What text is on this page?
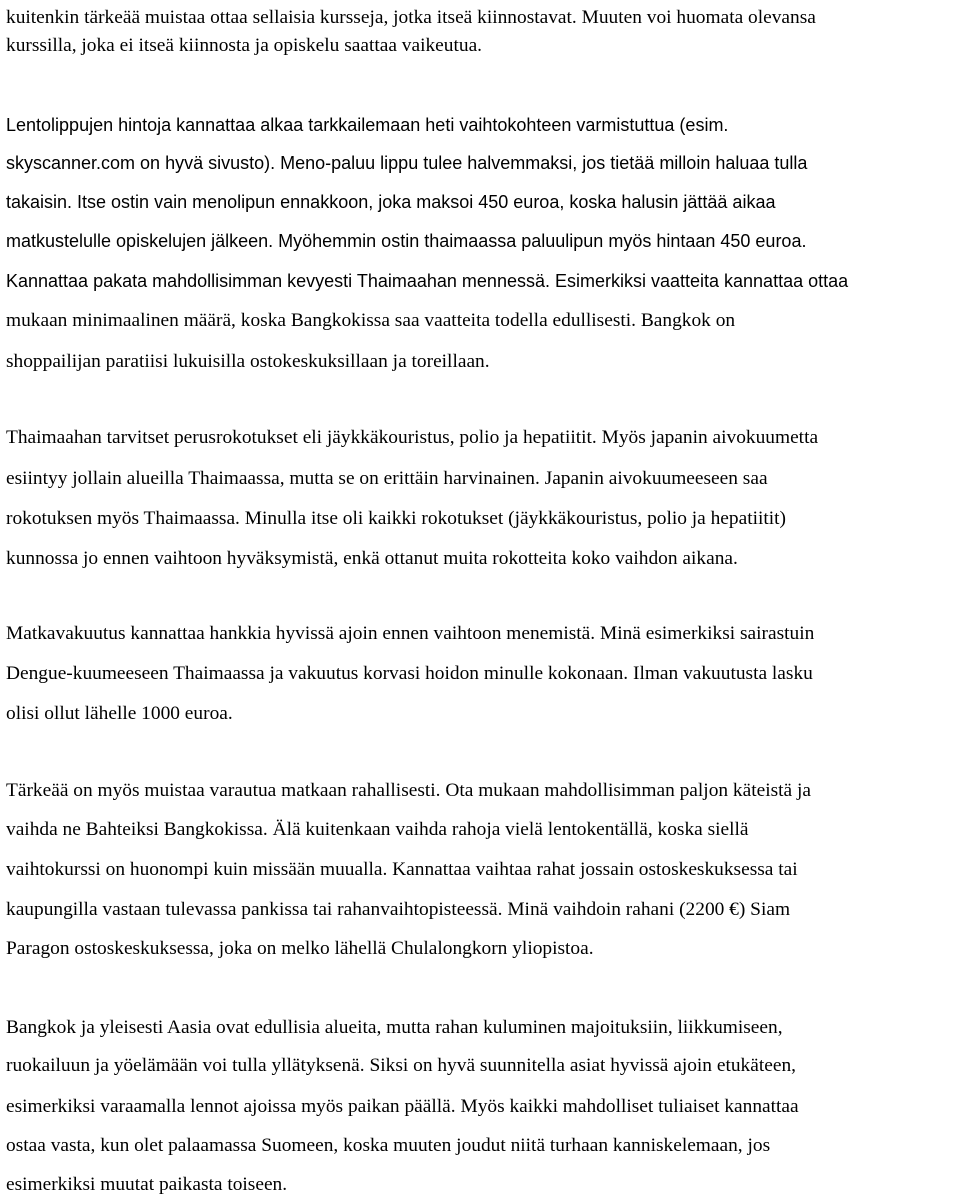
kuitenkin tärkeää muistaa ottaa sellaisia kursseja, jotka itseä kiinnostavat. Muuten voi huomata olevansa
kurssilla, joka ei itseä kiinnosta ja opiskelu saattaa vaikeutua.
Lentolippujen hintoja kannattaa alkaa tarkkailemaan heti vaihtokohteen varmistuttua (esim.
skyscanner.com on hyvä sivusto). Meno-paluu lippu tulee halvemmaksi, jos tietää milloin haluaa tulla
takaisin. Itse ostin vain menolipun ennakkoon, joka maksoi 450 euroa, koska halusin jättää aikaa
matkustelulle opiskelujen jälkeen. Myöhemmin ostin thaimaassa paluulipun myös hintaan 450 euroa.
Kannattaa pakata mahdollisimman kevyesti Thaimaahan mennessä. Esimerkiksi vaatteita kannattaa ottaa
mukaan minimaalinen määrä, koska Bangkokissa saa vaatteita todella edullisesti. Bangkok on
shoppailijan paratiisi lukuisilla ostokeskuksillaan ja toreillaan.
Thaimaahan tarvitset perusrokotukset eli jäykkäkouristus, polio ja hepatiitit. Myös japanin aivokuumetta
esiintyy jollain alueilla Thaimaassa, mutta se on erittäin harvinainen. Japanin aivokuumeeseen saa
rokotuksen myös Thaimaassa. Minulla itse oli kaikki rokotukset (jäykkäkouristus, polio ja hepatiitit)
kunnossa jo ennen vaihtoon hyväksymistä, enkä ottanut muita rokotteita koko vaihdon aikana.
Matkavakuutus kannattaa hankkia hyvissä ajoin ennen vaihtoon menemistä. Minä esimerkiksi sairastuin
Dengue-kuumeeseen Thaimaassa ja vakuutus korvasi hoidon minulle kokonaan. Ilman vakuutusta lasku
olisi ollut lähelle 1000 euroa.
Tärkeää on myös muistaa varautua matkaan rahallisesti. Ota mukaan mahdollisimman paljon käteistä ja
vaihda ne Bahteiksi Bangkokissa. Älä kuitenkaan vaihda rahoja vielä lentokentällä, koska siellä
vaihtokurssi on huonompi kuin missään muualla. Kannattaa vaihtaa rahat jossain ostoskeskuksessa tai
kaupungilla vastaan tulevassa pankissa tai rahanvaihtopisteessä. Minä vaihdoin rahani (2200 €) Siam
Paragon ostoskeskuksessa, joka on melko lähellä Chulalongkorn yliopistoa.
Bangkok ja yleisesti Aasia ovat edullisia alueita, mutta rahan kuluminen majoituksiin, liikkumiseen,
ruokailuun ja yöelämään voi tulla yllätyksenä. Siksi on hyvä suunnitella asiat hyvissä ajoin etukäteen,
esimerkiksi varaamalla lennot ajoissa myös paikan päällä. Myös kaikki mahdolliset tuliaiset kannattaa
ostaa vasta, kun olet palaamassa Suomeen, koska muuten joudut niitä turhaan kanniskelemaan, jos
esimerkiksi muutat paikasta toiseen.
